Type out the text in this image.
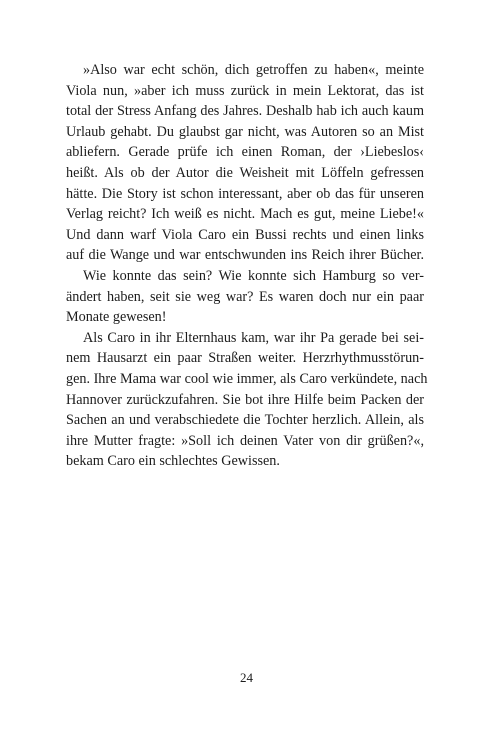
»Also war echt schön, dich getroffen zu haben«, meinte
Viola nun, »aber ich muss zurück in mein Lektorat, das ist
total der Stress Anfang des Jahres. Deshalb hab ich auch kaum
Urlaub gehabt. Du glaubst gar nicht, was Autoren so an Mist
abliefern. Gerade prüfe ich einen Roman, der ›Liebeslos‹
heißt. Als ob der Autor die Weisheit mit Löffeln gefressen
hätte. Die Story ist schon interessant, aber ob das für unseren
Verlag reicht? Ich weiß es nicht. Mach es gut, meine Liebe!«
Und dann warf Viola Caro ein Bussi rechts und einen links
auf die Wange und war entschwunden ins Reich ihrer Bücher.
Wie konnte das sein? Wie konnte sich Hamburg so ver-
ändert haben, seit sie weg war? Es waren doch nur ein paar
Monate gewesen!
Als Caro in ihr Elternhaus kam, war ihr Pa gerade bei sei-
nem Hausarzt ein paar Straßen weiter. Herzrhythmusstörun-
gen. Ihre Mama war cool wie immer, als Caro verkündete, nach
Hannover zurückzufahren. Sie bot ihre Hilfe beim Packen der
Sachen an und verabschiedete die Tochter herzlich. Allein, als
ihre Mutter fragte: »Soll ich deinen Vater von dir grüßen?«,
bekam Caro ein schlechtes Gewissen.
24
